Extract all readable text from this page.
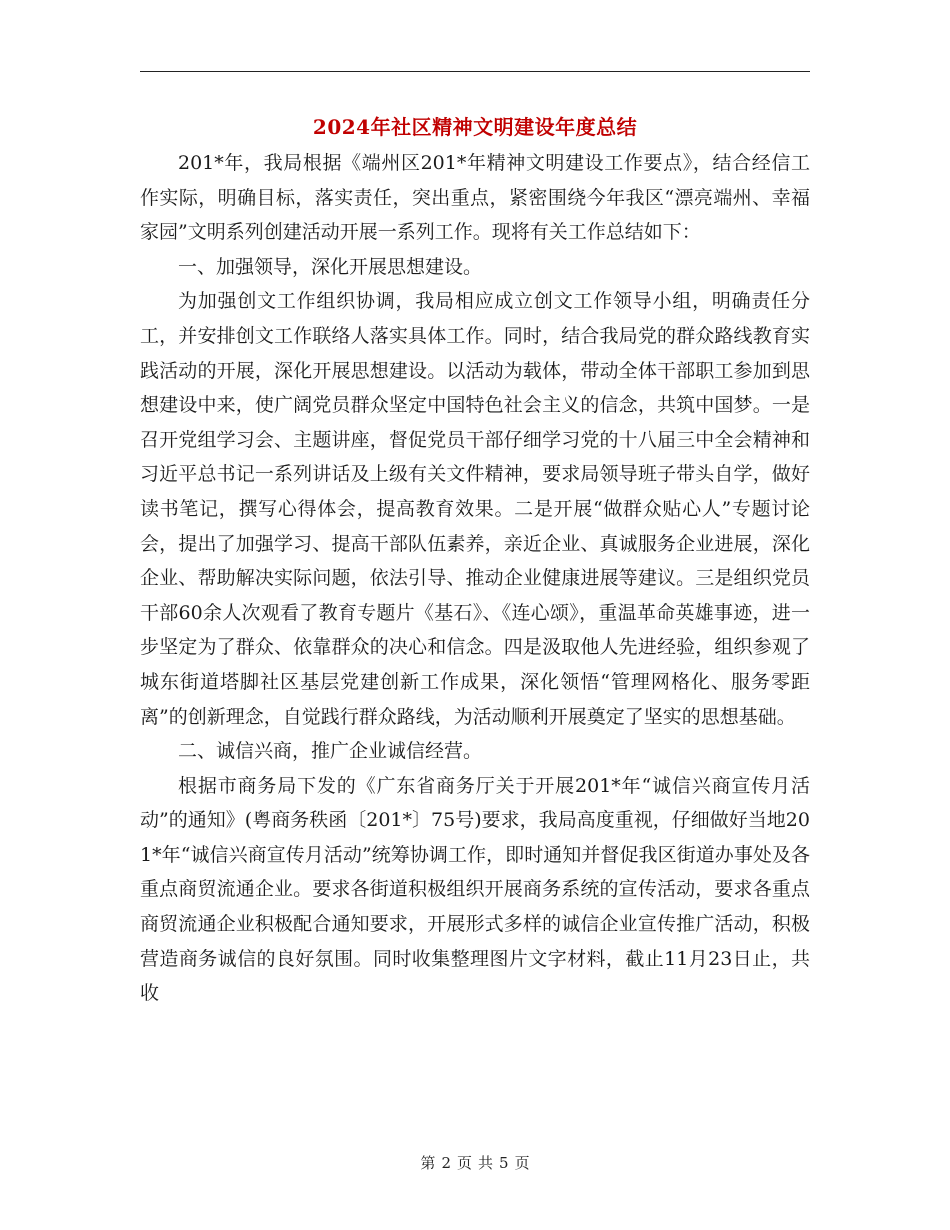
2024年社区精神文明建设年度总结

201*年，我局根据《端州区201*年精神文明建设工作要点》，结合经信工作实际，明确目标，落实责任，突出重点，紧密围绕今年我区“漂亮端州、幸福家园”文明系列创建活动开展一系列工作。现将有关工作总结如下：

一、加强领导，深化开展思想建设。

为加强创文工作组织协调，我局相应成立创文工作领导小组，明确责任分工，并安排创文工作联络人落实具体工作。同时，结合我局党的群众路线教育实践活动的开展，深化开展思想建设。以活动为载体，带动全体干部职工参加到思想建设中来，使广阔党员群众坚定中国特色社会主义的信念，共筑中国梦。一是召开党组学习会、主题讲座，督促党员干部仔细学习党的十八届三中全会精神和习近平总书记一系列讲话及上级有关文件精神，要求局领导班子带头自学，做好读书笔记，撰写心得体会，提高教育效果。二是开展“做群众贴心人”专题讨论会，提出了加强学习、提高干部队伍素养，亲近企业、真诚服务企业进展，深化企业、帮助解决实际问题，依法引导、推动企业健康进展等建议。三是组织党员干部60余人次观看了教育专题片《基石》、《连心颂》，重温革命英雄事迹，进一步坚定为了群众、依靠群众的决心和信念。四是汲取他人先进经验，组织参观了城东街道塔脚社区基层党建创新工作成果，深化领悟“管理网格化、服务零距离”的创新理念，自觉践行群众路线，为活动顺利开展奠定了坚实的思想基础。

二、诚信兴商，推广企业诚信经营。

根据市商务局下发的《广东省商务厅关于开展201*年“诚信兴商宣传月活动”的通知》(粤商务秩函〔201*〕75号)要求，我局高度重视，仔细做好当地201*年“诚信兴商宣传月活动”统筹协调工作，即时通知并督促我区街道办事处及各重点商贸流通企业。要求各街道积极组织开展商务系统的宣传活动，要求各重点商贸流通企业积极配合通知要求，开展形式多样的诚信企业宣传推广活动，积极营造商务诚信的良好氛围。同时收集整理图片文字材料，截止11月23日止，共收

第 2 页 共 5 页
